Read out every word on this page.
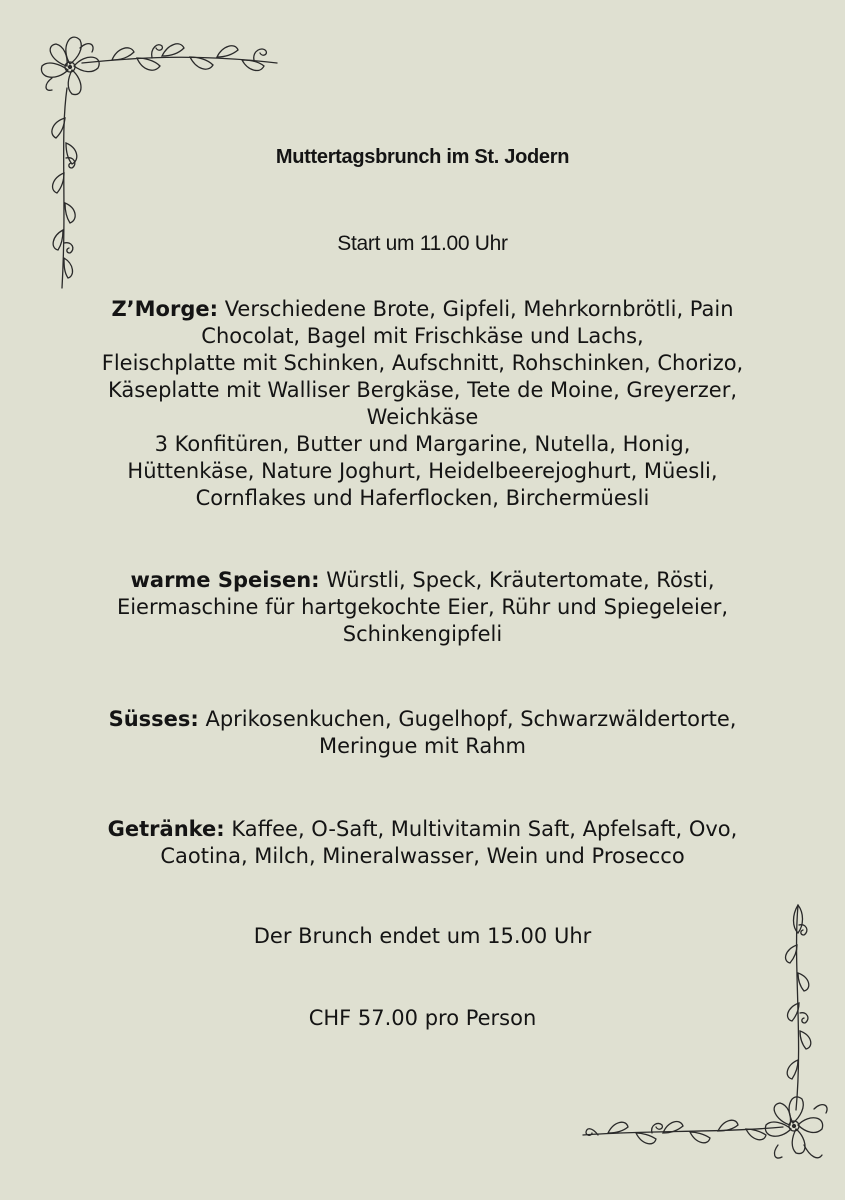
Muttertagsbrunch im St. Jodern
Start um 11.00 Uhr
Z’Morge: Verschiedene Brote, Gipfeli, Mehrkornbrötli, Pain
Chocolat, Bagel mit Frischkäse und Lachs,
Fleischplatte mit Schinken, Aufschnitt, Rohschinken, Chorizo,
Käseplatte mit Walliser Bergkäse, Tete de Moine, Greyerzer,
Weichkäse
3 Konfitüren, Butter und Margarine, Nutella, Honig,
Hüttenkäse, Nature Joghurt, Heidelbeerejoghurt, Müesli,
Cornflakes und Haferflocken, Birchermüesli
warme Speisen: Würstli, Speck, Kräutertomate, Rösti,
Eiermaschine für hartgekochte Eier, Rühr und Spiegeleier,
Schinkengipfeli
Süsses: Aprikosenkuchen, Gugelhopf, Schwarzwäldertorte,
Meringue mit Rahm
Getränke: Kaffee, O-Saft, Multivitamin Saft, Apfelsaft, Ovo,
Caotina, Milch, Mineralwasser, Wein und Prosecco
Der Brunch endet um 15.00 Uhr
CHF 57.00 pro Person
